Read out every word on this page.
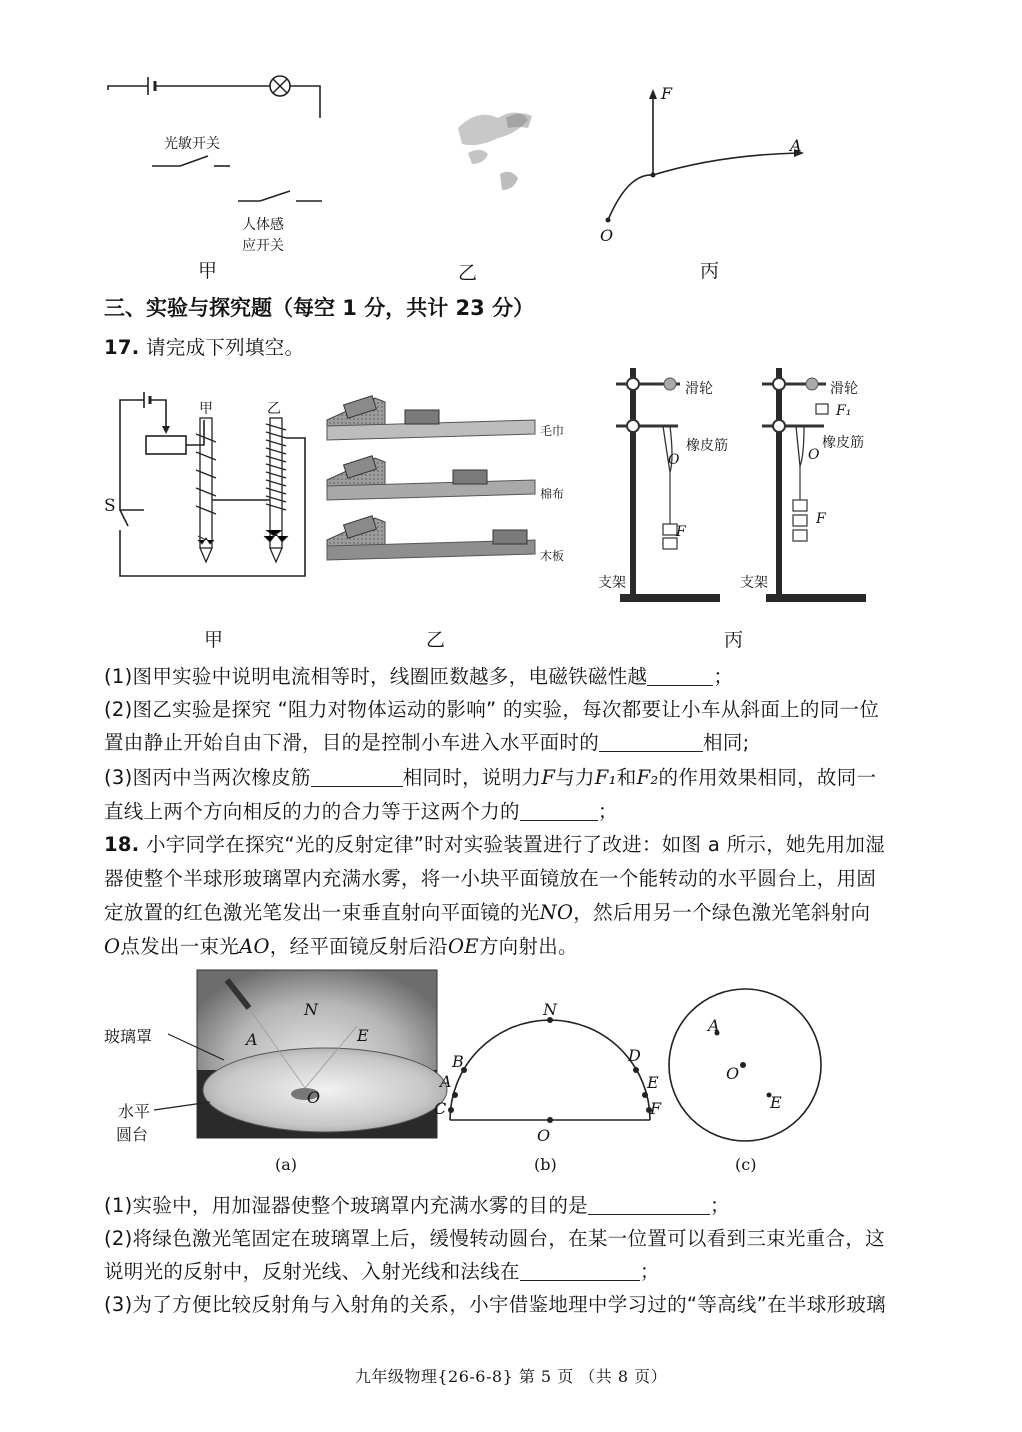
光敏开关
人体感
应开关
甲	乙
F
A
O
丙
三、实验与探究题（每空 1 分，共计 23 分）
17. 请完成下列填空。
甲	乙
S
毛巾
棉布
木板
滑轮
橡皮筋
O
F
支架
滑轮
F₁
橡皮筋
O
F
支架
甲	乙	丙
(1)图甲实验中说明电流相等时，线圈匝数越多，电磁铁磁性越	；
(2)图乙实验是探究 “阻力对物体运动的影响” 的实验，每次都要让小车从斜面上的同一位
置由静止开始自由下滑，目的是控制小车进入水平面时的	相同;
(3)图丙中当两次橡皮筋	相同时，说明力F与力F₁和F₂的作用效果相同，故同一
直线上两个方向相反的力的合力等于这两个力的	；
18. 小宇同学在探究“光的反射定律”时对实验装置进行了改进：如图 a 所示，她先用加湿
器使整个半球形玻璃罩内充满水雾，将一小块平面镜放在一个能转动的水平圆台上，用固
定放置的红色激光笔发出一束垂直射向平面镜的光NO，然后用另一个绿色激光笔斜射向
O点发出一束光AO，经平面镜反射后沿OE方向射出。
N
A	E
O
玻璃罩
水平
圆台
(a)
N
B
A
C
D
E
F
O
(b)
A
O
E
(c)
(1)实验中，用加湿器使整个玻璃罩内充满水雾的目的是	；
(2)将绿色激光笔固定在玻璃罩上后，缓慢转动圆台，在某一位置可以看到三束光重合，这
说明光的反射中，反射光线、入射光线和法线在	；
(3)为了方便比较反射角与入射角的关系，小宇借鉴地理中学习过的“等高线”在半球形玻璃
九年级物理{26-6-8} 第 5 页 （共 8 页）
